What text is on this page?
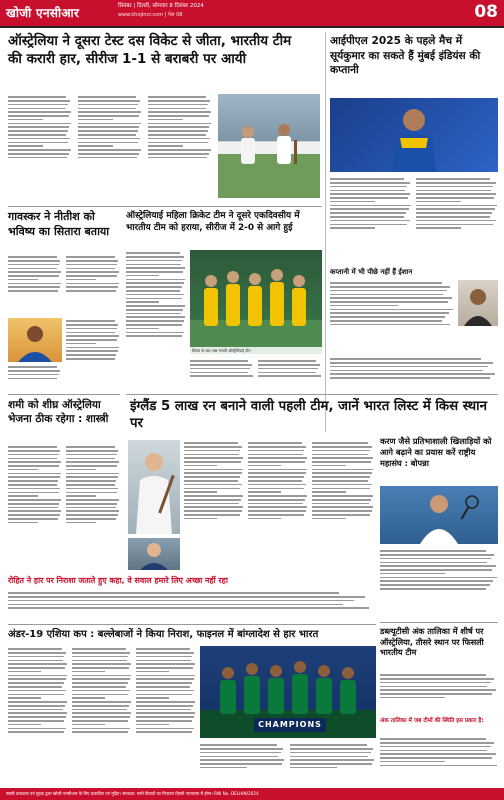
खोजी एनसीआर	सितंबर | दिल्ली, सोमवार 8 दिसंबर 2024
www.khojincr.com | पेज 08	08
ऑस्ट्रेलिया ने दूसरा टेस्ट दस विकेट से जीता, भारतीय टीम की करारी हार, सीरीज 1-1 से बराबरी पर आयी
आईपीएल 2025 के पहले मैच में सूर्यकुमार का सकते हैं मुंबई इंडियंस की कप्तानी
कप्तानी में भी पीछे नहीं हैं ईशान
गावस्कर ने नीतीश को भविष्य का सितारा बताया
ऑस्ट्रेलियाई महिला क्रिकेट टीम ने दूसरे एकदिवसीय में भारतीय टीम को हराया, सीरीज में 2-0 से आगे हुई
विजय के बाद जश्न मनाती ऑस्ट्रेलियाई टीम
शमी को शीघ्र ऑस्ट्रेलिया भेजना ठीक रहेगा : शास्त्री
इंग्लैंड 5 लाख रन बनाने वाली पहली टीम, जानें भारत लिस्ट में किस स्थान पर
करण जैसे प्रतिभाशाली खिलाड़ियों को आगे बढ़ाने का प्रयास करें राष्ट्रीय महासंघ : बोपन्ना
रोहित ने हार पर निराशा जताते हुए कहा, वे सवाल हमारे लिए अच्छा नहीं रहा
डब्ल्यूटीसी अंक तालिका में शीर्ष पर ऑस्ट्रेलिया, तीसरे स्थान पर फिसली भारतीय टीम
अंक तालिका में जब टीमों की स्थिति इस प्रकार है:
अंडर-19 एशिया कप : बल्लेबाजों ने किया निराश, फाइनल में बांग्लादेश से हार भारत
CHAMPIONS
स्वामी प्रकाशक एवं मुद्रक द्वारा खोजी एनसीआर के लिए प्रकाशित एवं मुद्रित। संपादक: सभी विवादों का निपटारा दिल्ली न्यायालय में होगा। RNI No. DELHIN/2024
